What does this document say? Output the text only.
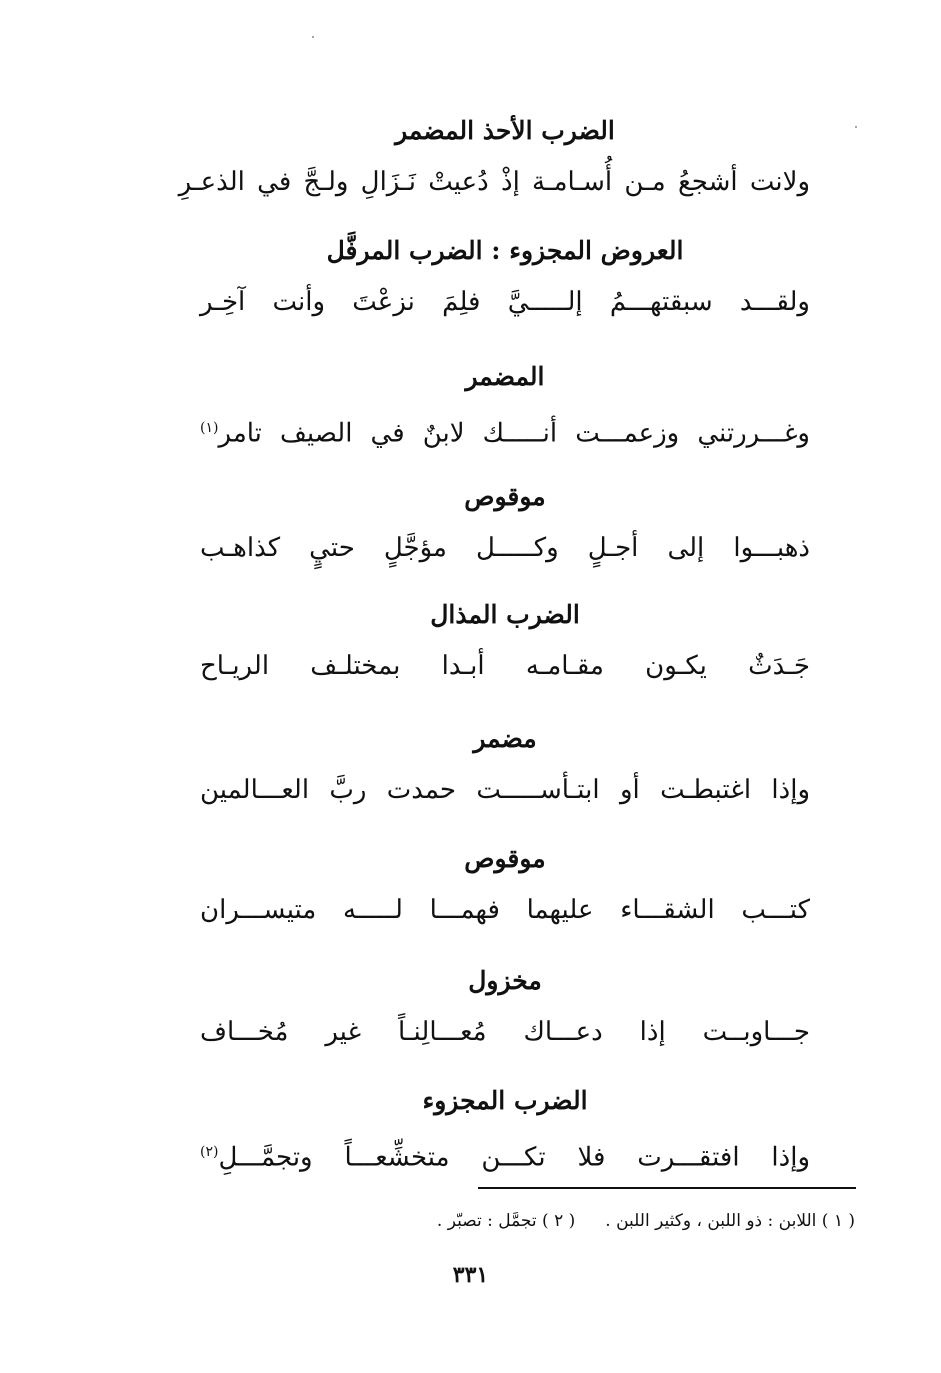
الضرب الأحذ المضمر
ولانت أشجعُ مـن أُسـامـة إذْ دُعيتْ نَـزَالِ ولـجَّ في الذعـرِ
العروض المجزوء : الضرب المرفَّل
ولقـــد سبقتهـــمُ إلـــــيَّ فلِمَ نزعْتَ وأنت آخِـر
المضمر
وغـــررتني وزعمـــت أنـــــك لابنٌ في الصيف تامر$^{(١)}$
موقوص
ذهبـــوا إلى أجـلٍ وكـــــل مؤجَّلٍ حتيٍ كذاهـب
الضرب المذال
جَـدَثٌ يكـون مقـامـه أبـدا بمختلـف الريـاح
مضمر
وإذا اغتبطـت أو ابتـأســـــت حمدت ربَّ العـــالمين
موقوص
كتـــب الشقـــاء عليهما فهمـــا لـــــه متيســـران
مخزول
جـــاوبــت إذا دعـــاك مُعـــالِنـاً غير مُخـــاف
الضرب المجزوء
وإذا افتقـــرت فلا تكـــن متخشِّعـــاً وتجمَّـــلِ$^{(٢)}$
( ١ ) اللابن : ذو اللبن ، وكثير اللبن .( ٢ ) تجمَّل : تصبّر .
٣٣١
